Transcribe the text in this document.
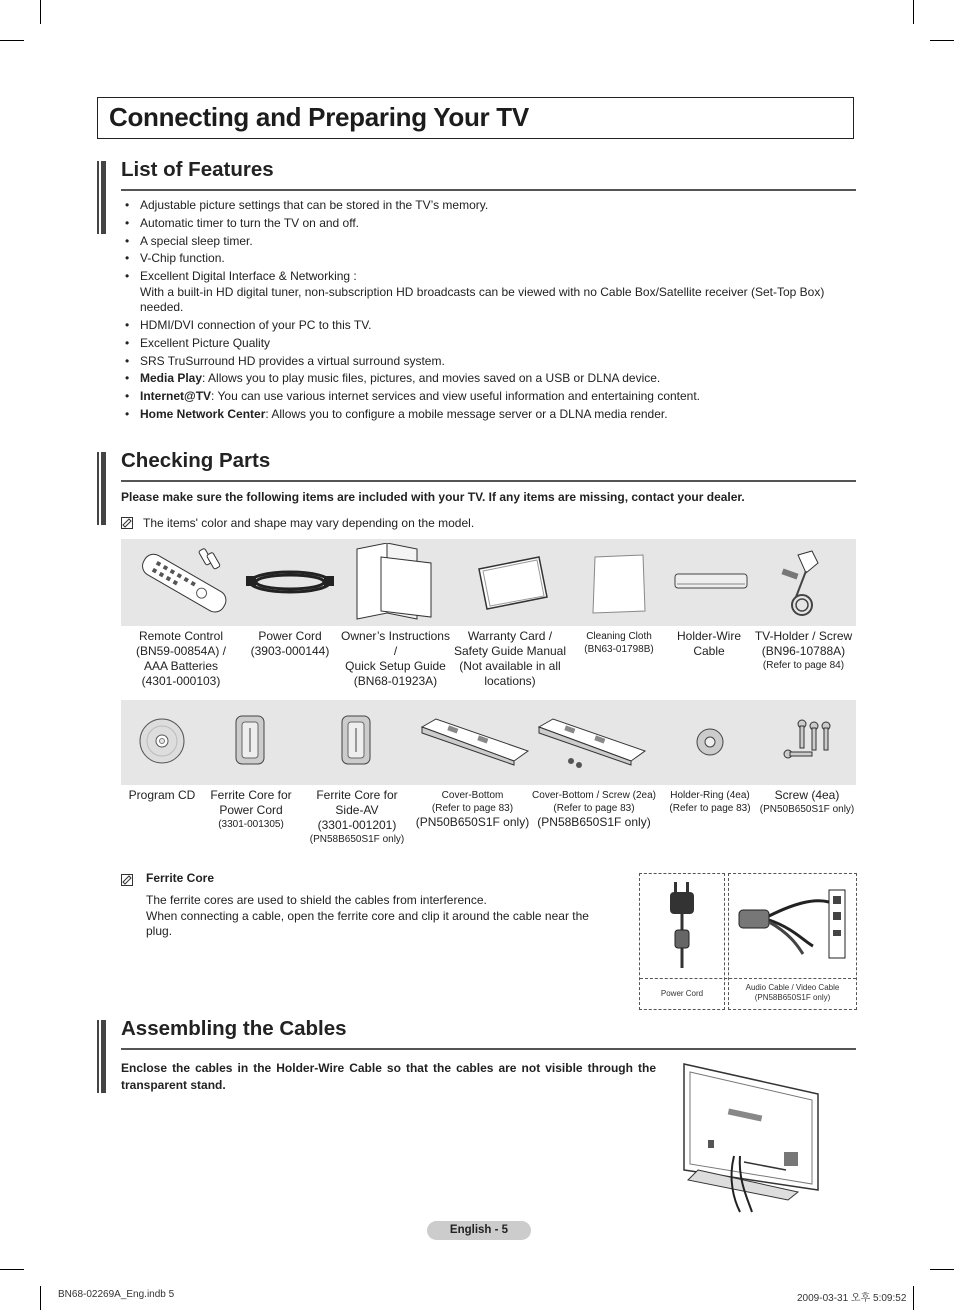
Connecting and Preparing Your TV
List of Features
• Adjustable picture settings that can be stored in the TV’s memory.
• Automatic timer to turn the TV on and off.
• A special sleep timer.
• V-Chip function.
• Excellent Digital Interface & Networking :
With a built-in HD digital tuner, non-subscription HD broadcasts can be viewed with no Cable Box/Satellite receiver (Set-Top Box) needed.
• HDMI/DVI connection of your PC to this TV.
• Excellent Picture Quality
• SRS TruSurround HD provides a virtual surround system.
• Media Play: Allows you to play music files, pictures, and movies saved on a USB or DLNA device.
• Internet@TV: You can use various internet services and view useful information and entertaining content.
• Home Network Center: Allows you to configure a mobile message server or a DLNA media render.
Checking Parts
Please make sure the following items are included with your TV. If any items are missing, contact your dealer.
The items' color and shape may vary depending on the model.
Remote Control
(BN59-00854A) /
AAA Batteries
(4301-000103)
Power Cord
(3903-000144)
Owner’s Instructions /
Quick Setup Guide
(BN68-01923A)
Warranty Card /
Safety Guide Manual
(Not available in all
locations)
Cleaning Cloth
(BN63-01798B)
Holder-Wire
Cable
TV-Holder / Screw
(BN96-10788A)
(Refer to page 84)
Program CD	Ferrite Core for
Power Cord
(3301-001305)
Ferrite Core for
Side-AV
(3301-001201)
(PN58B650S1F only)
Cover-Bottom
(Refer to page 83)
(PN50B650S1F only)
Cover-Bottom / Screw (2ea)
(Refer to page 83)
(PN58B650S1F only)
Holder-Ring (4ea)
(Refer to page 83)
Screw (4ea)
(PN50B650S1F only)
Ferrite Core
The ferrite cores are used to shield the cables from interference.
When connecting a cable, open the ferrite core and clip it around the cable near the plug.
Power Cord
Audio Cable / Video Cable
(PN58B650S1F only)
Assembling the Cables
Enclose the cables in the Holder-Wire Cable so that the cables are not visible through the transparent stand.
English - 5
BN68-02269A_Eng.indb 5	2009-03-31 오후 5:09:52
